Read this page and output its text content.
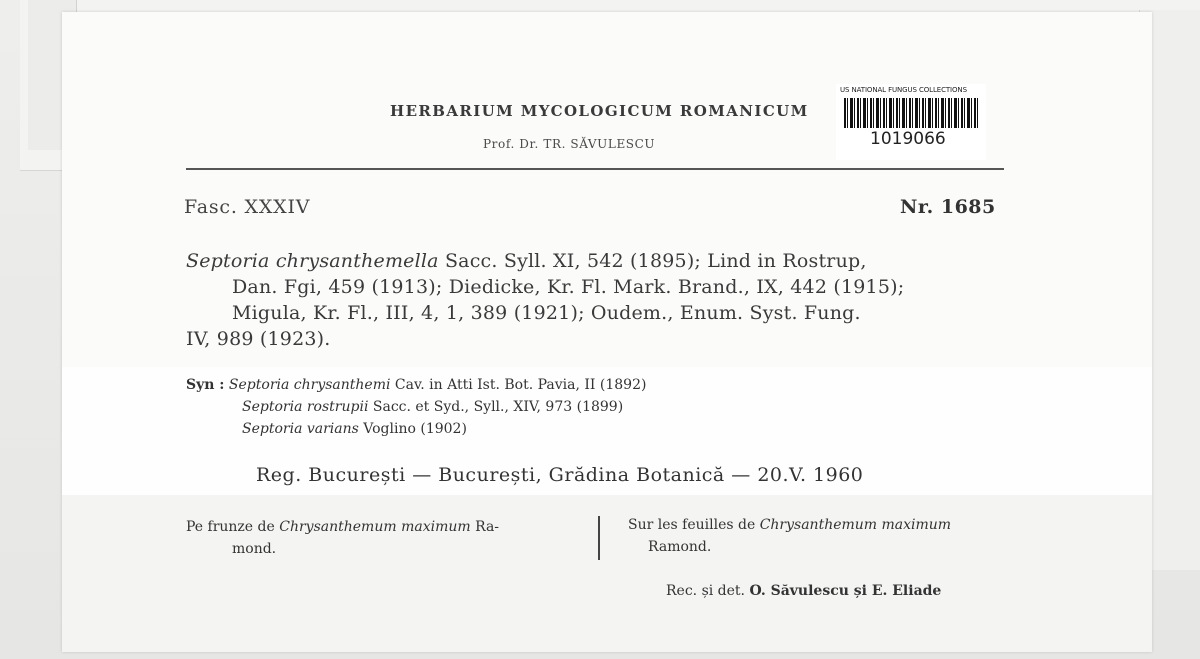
HERBARIUM MYCOLOGICUM ROMANICUM
Prof. Dr. TR. SĂVULESCU
US NATIONAL FUNGUS COLLECTIONS
1019066
Fasc. XXXIV	Nr. 1685
Septoria chrysanthemella Sacc. Syll. XI, 542 (1895); Lind in Rostrup,
Dan. Fgi, 459 (1913); Diedicke, Kr. Fl. Mark. Brand., IX, 442 (1915);
Migula, Kr. Fl., III, 4, 1, 389 (1921); Oudem., Enum. Syst. Fung.
IV, 989 (1923).
Syn : Septoria chrysanthemi Cav. in Atti Ist. Bot. Pavia, II (1892)
Septoria rostrupii Sacc. et Syd., Syll., XIV, 973 (1899)
Septoria varians Voglino (1902)
Reg. București — București, Grădina Botanică — 20.V. 1960
Pe frunze de Chrysanthemum maximum Ra-
mond.
Sur les feuilles de Chrysanthemum maximum
Ramond.
Rec. și det. O. Săvulescu și E. Eliade
